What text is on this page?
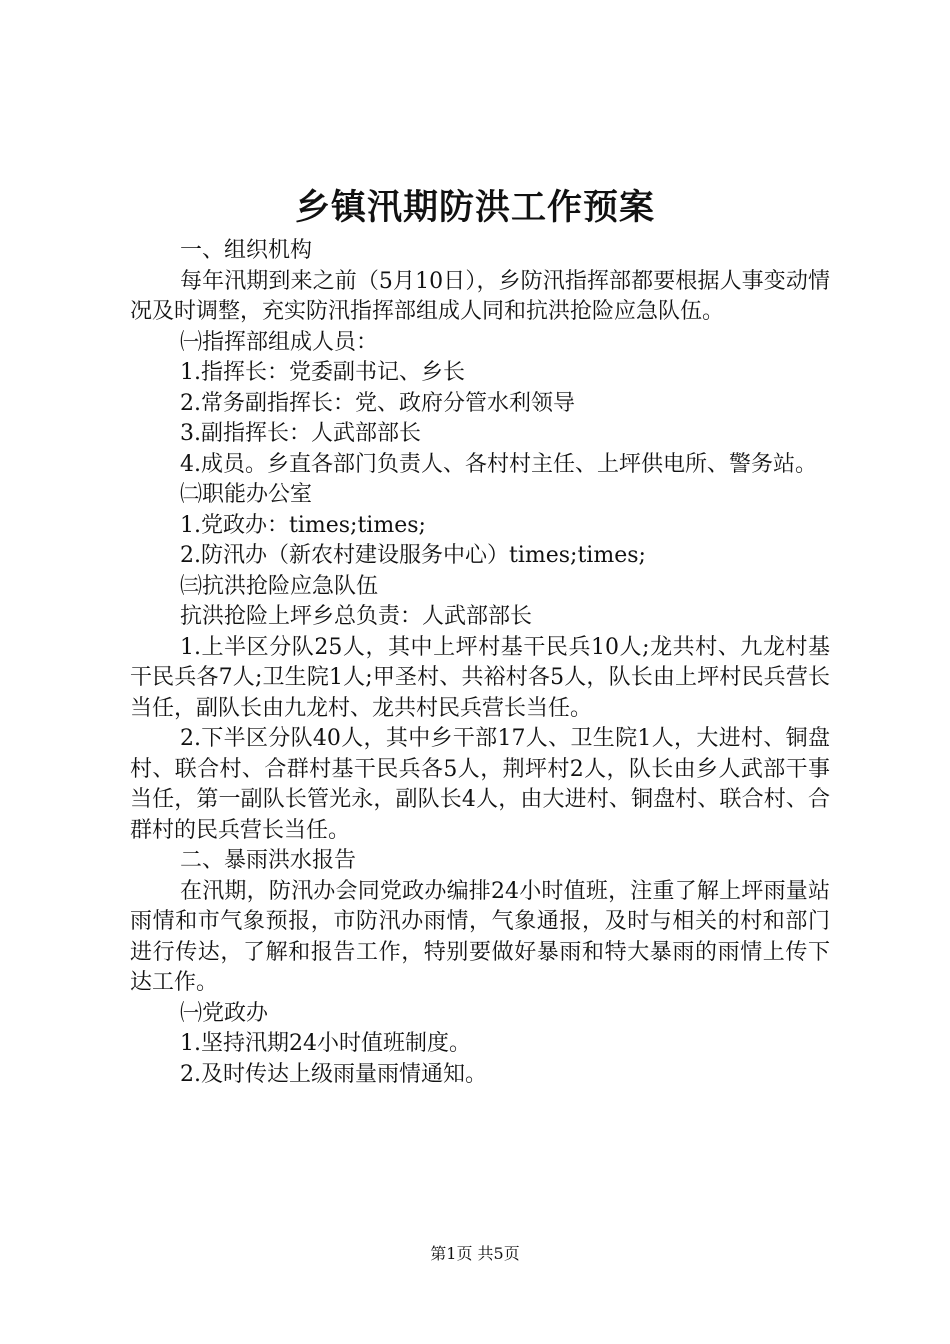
乡镇汛期防洪工作预案

一、组织机构

每年汛期到来之前（5月10日），乡防汛指挥部都要根据人事变动情况及时调整，充实防汛指挥部组成人同和抗洪抢险应急队伍。

㈠指挥部组成人员：

1.指挥长：党委副书记、乡长

2.常务副指挥长：党、政府分管水利领导

3.副指挥长：人武部部长

4.成员。乡直各部门负责人、各村村主任、上坪供电所、警务站。

㈡职能办公室

1.党政办：times;times;

2.防汛办（新农村建设服务中心）times;times;

㈢抗洪抢险应急队伍

抗洪抢险上坪乡总负责：人武部部长

1.上半区分队25人，其中上坪村基干民兵10人;龙共村、九龙村基干民兵各7人;卫生院1人;甲圣村、共裕村各5人，队长由上坪村民兵营长当任，副队长由九龙村、龙共村民兵营长当任。

2.下半区分队40人，其中乡干部17人、卫生院1人，大进村、铜盘村、联合村、合群村基干民兵各5人，荆坪村2人，队长由乡人武部干事当任，第一副队长管光永，副队长4人，由大进村、铜盘村、联合村、合群村的民兵营长当任。

二、暴雨洪水报告

在汛期，防汛办会同党政办编排24小时值班，注重了解上坪雨量站雨情和市气象预报，市防汛办雨情，气象通报，及时与相关的村和部门进行传达，了解和报告工作，特别要做好暴雨和特大暴雨的雨情上传下达工作。

㈠党政办

1.坚持汛期24小时值班制度。

2.及时传达上级雨量雨情通知。

第1页 共5页
